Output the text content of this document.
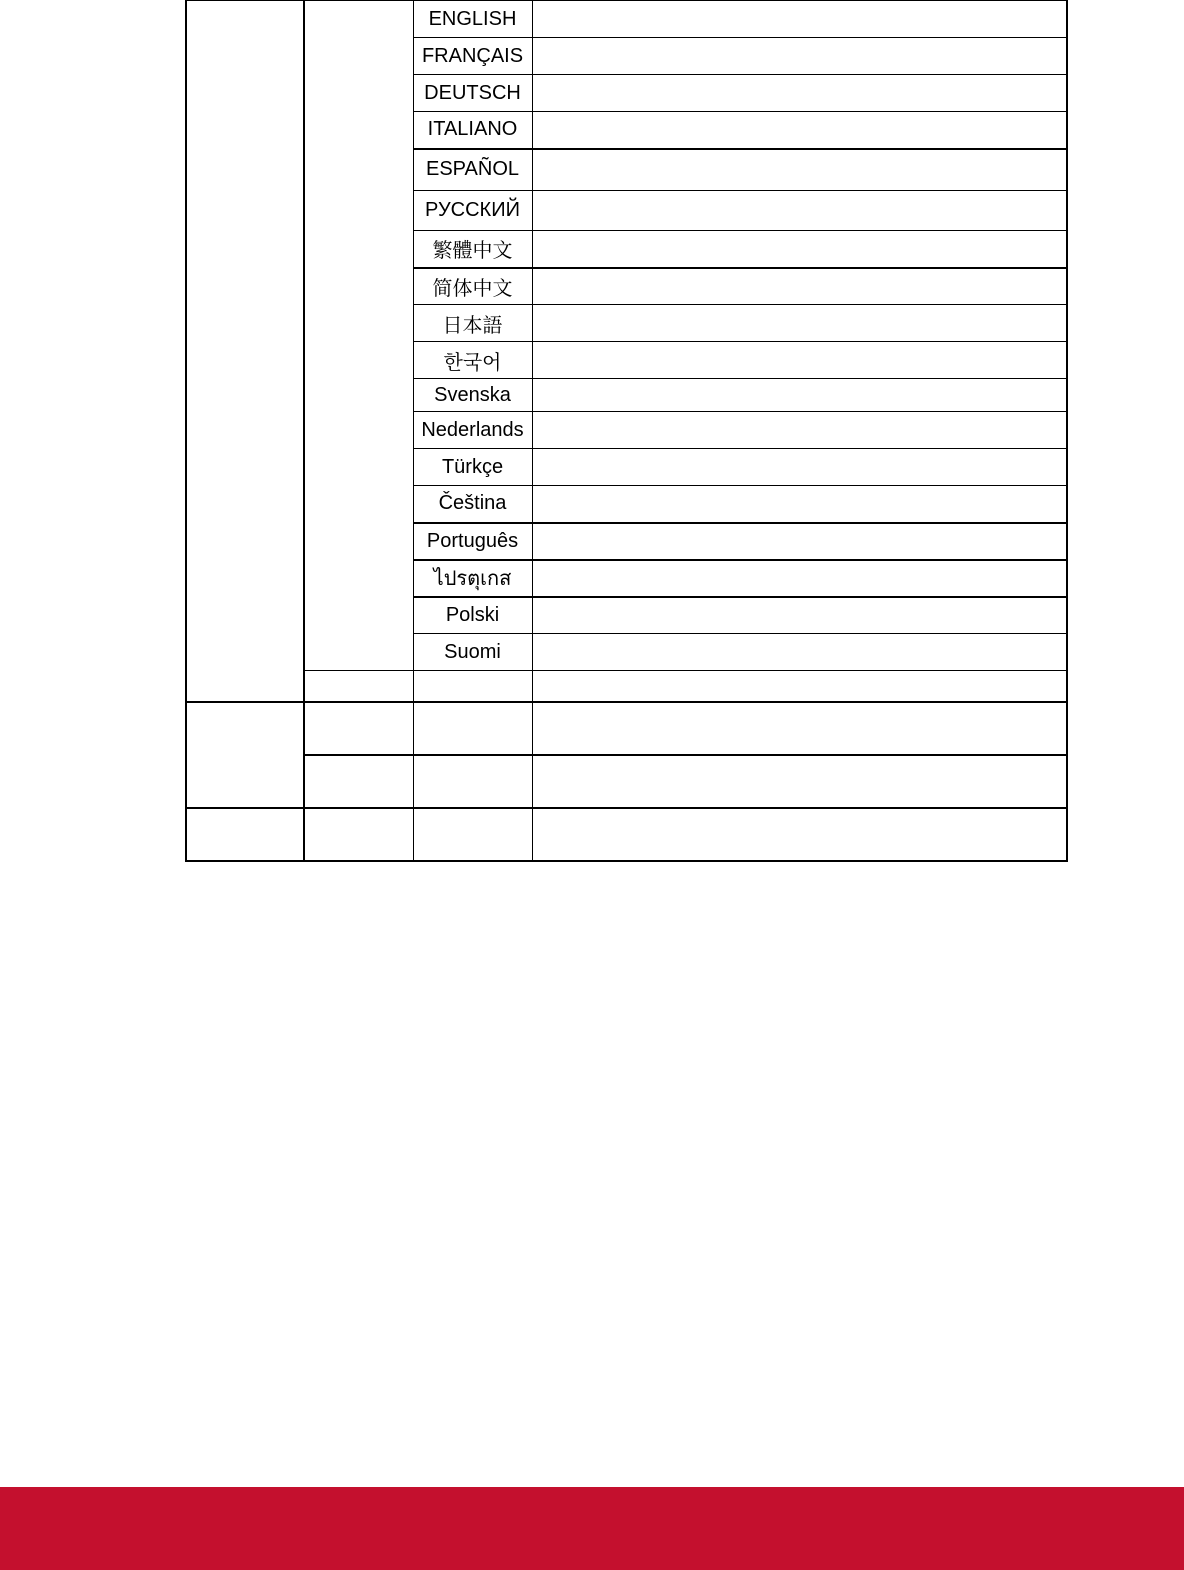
		ENGLISH	
		FRANÇAIS	
		DEUTSCH	
		ITALIANO	
		ESPAÑOL	
		РУССКИЙ	
		繁體中文	
		简体中文	
		日本語	
		한국어	
		Svenska	
		Nederlands	
		Türkçe	
		Čeština	
		Português	
		ไปรตุเกส	
		Polski	
		Suomi	
